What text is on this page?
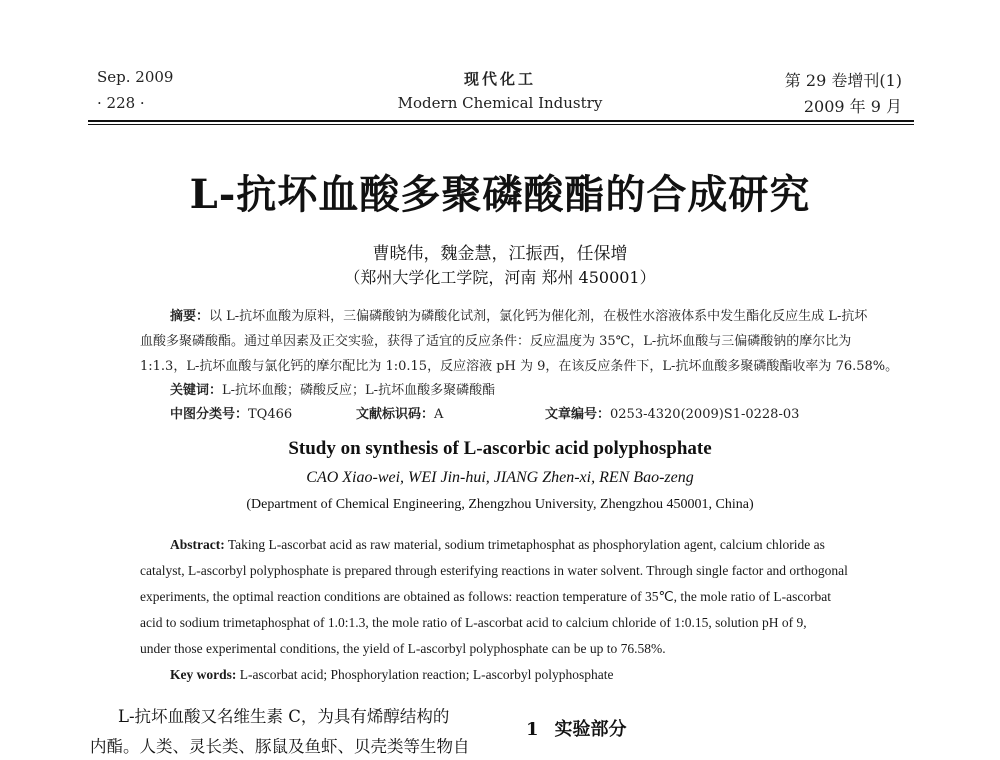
Sep. 2009
· 228 ·
现代化工
Modern Chemical Industry
第 29 卷增刊(1)
2009 年 9 月
L-抗坏血酸多聚磷酸酯的合成研究
曹晓伟，魏金慧，江振西，任保增
（郑州大学化工学院，河南 郑州 450001）
摘要：以 L-抗坏血酸为原料，三偏磷酸钠为磷酸化试剂，氯化钙为催化剂，在极性水溶液体系中发生酯化反应生成 L-抗坏
血酸多聚磷酸酯。通过单因素及正交实验，获得了适宜的反应条件：反应温度为 35℃，L-抗坏血酸与三偏磷酸钠的摩尔比为
1:1.3，L-抗坏血酸与氯化钙的摩尔配比为 1:0.15，反应溶液 pH 为 9，在该反应条件下，L-抗坏血酸多聚磷酸酯收率为 76.58%。
关键词：L-抗坏血酸；磷酸反应；L-抗坏血酸多聚磷酸酯
中图分类号：TQ466	文献标识码：A	文章编号：0253-4320(2009)S1-0228-03
Study on synthesis of L-ascorbic acid polyphosphate
CAO Xiao-wei, WEI Jin-hui, JIANG Zhen-xi, REN Bao-zeng
(Department of Chemical Engineering, Zhengzhou University, Zhengzhou 450001, China)
Abstract: Taking L-ascorbat acid as raw material, sodium trimetaphosphat as phosphorylation agent, calcium chloride as
catalyst, L-ascorbyl polyphosphate is prepared through esterifying reactions in water solvent. Through single factor and orthogonal
experiments, the optimal reaction conditions are obtained as follows: reaction temperature of 35℃, the mole ratio of L-ascorbat
acid to sodium trimetaphosphat of 1.0:1.3, the mole ratio of L-ascorbat acid to calcium chloride of 1:0.15, solution pH of 9,
under those experimental conditions, the yield of L-ascorbyl polyphosphate can be up to 76.58%.
Key words: L-ascorbat acid; Phosphorylation reaction; L-ascorbyl polyphosphate
L-抗坏血酸又名维生素 C，为具有烯醇结构的
内酯。人类、灵长类、豚鼠及鱼虾、贝壳类等生物自
1 实验部分
